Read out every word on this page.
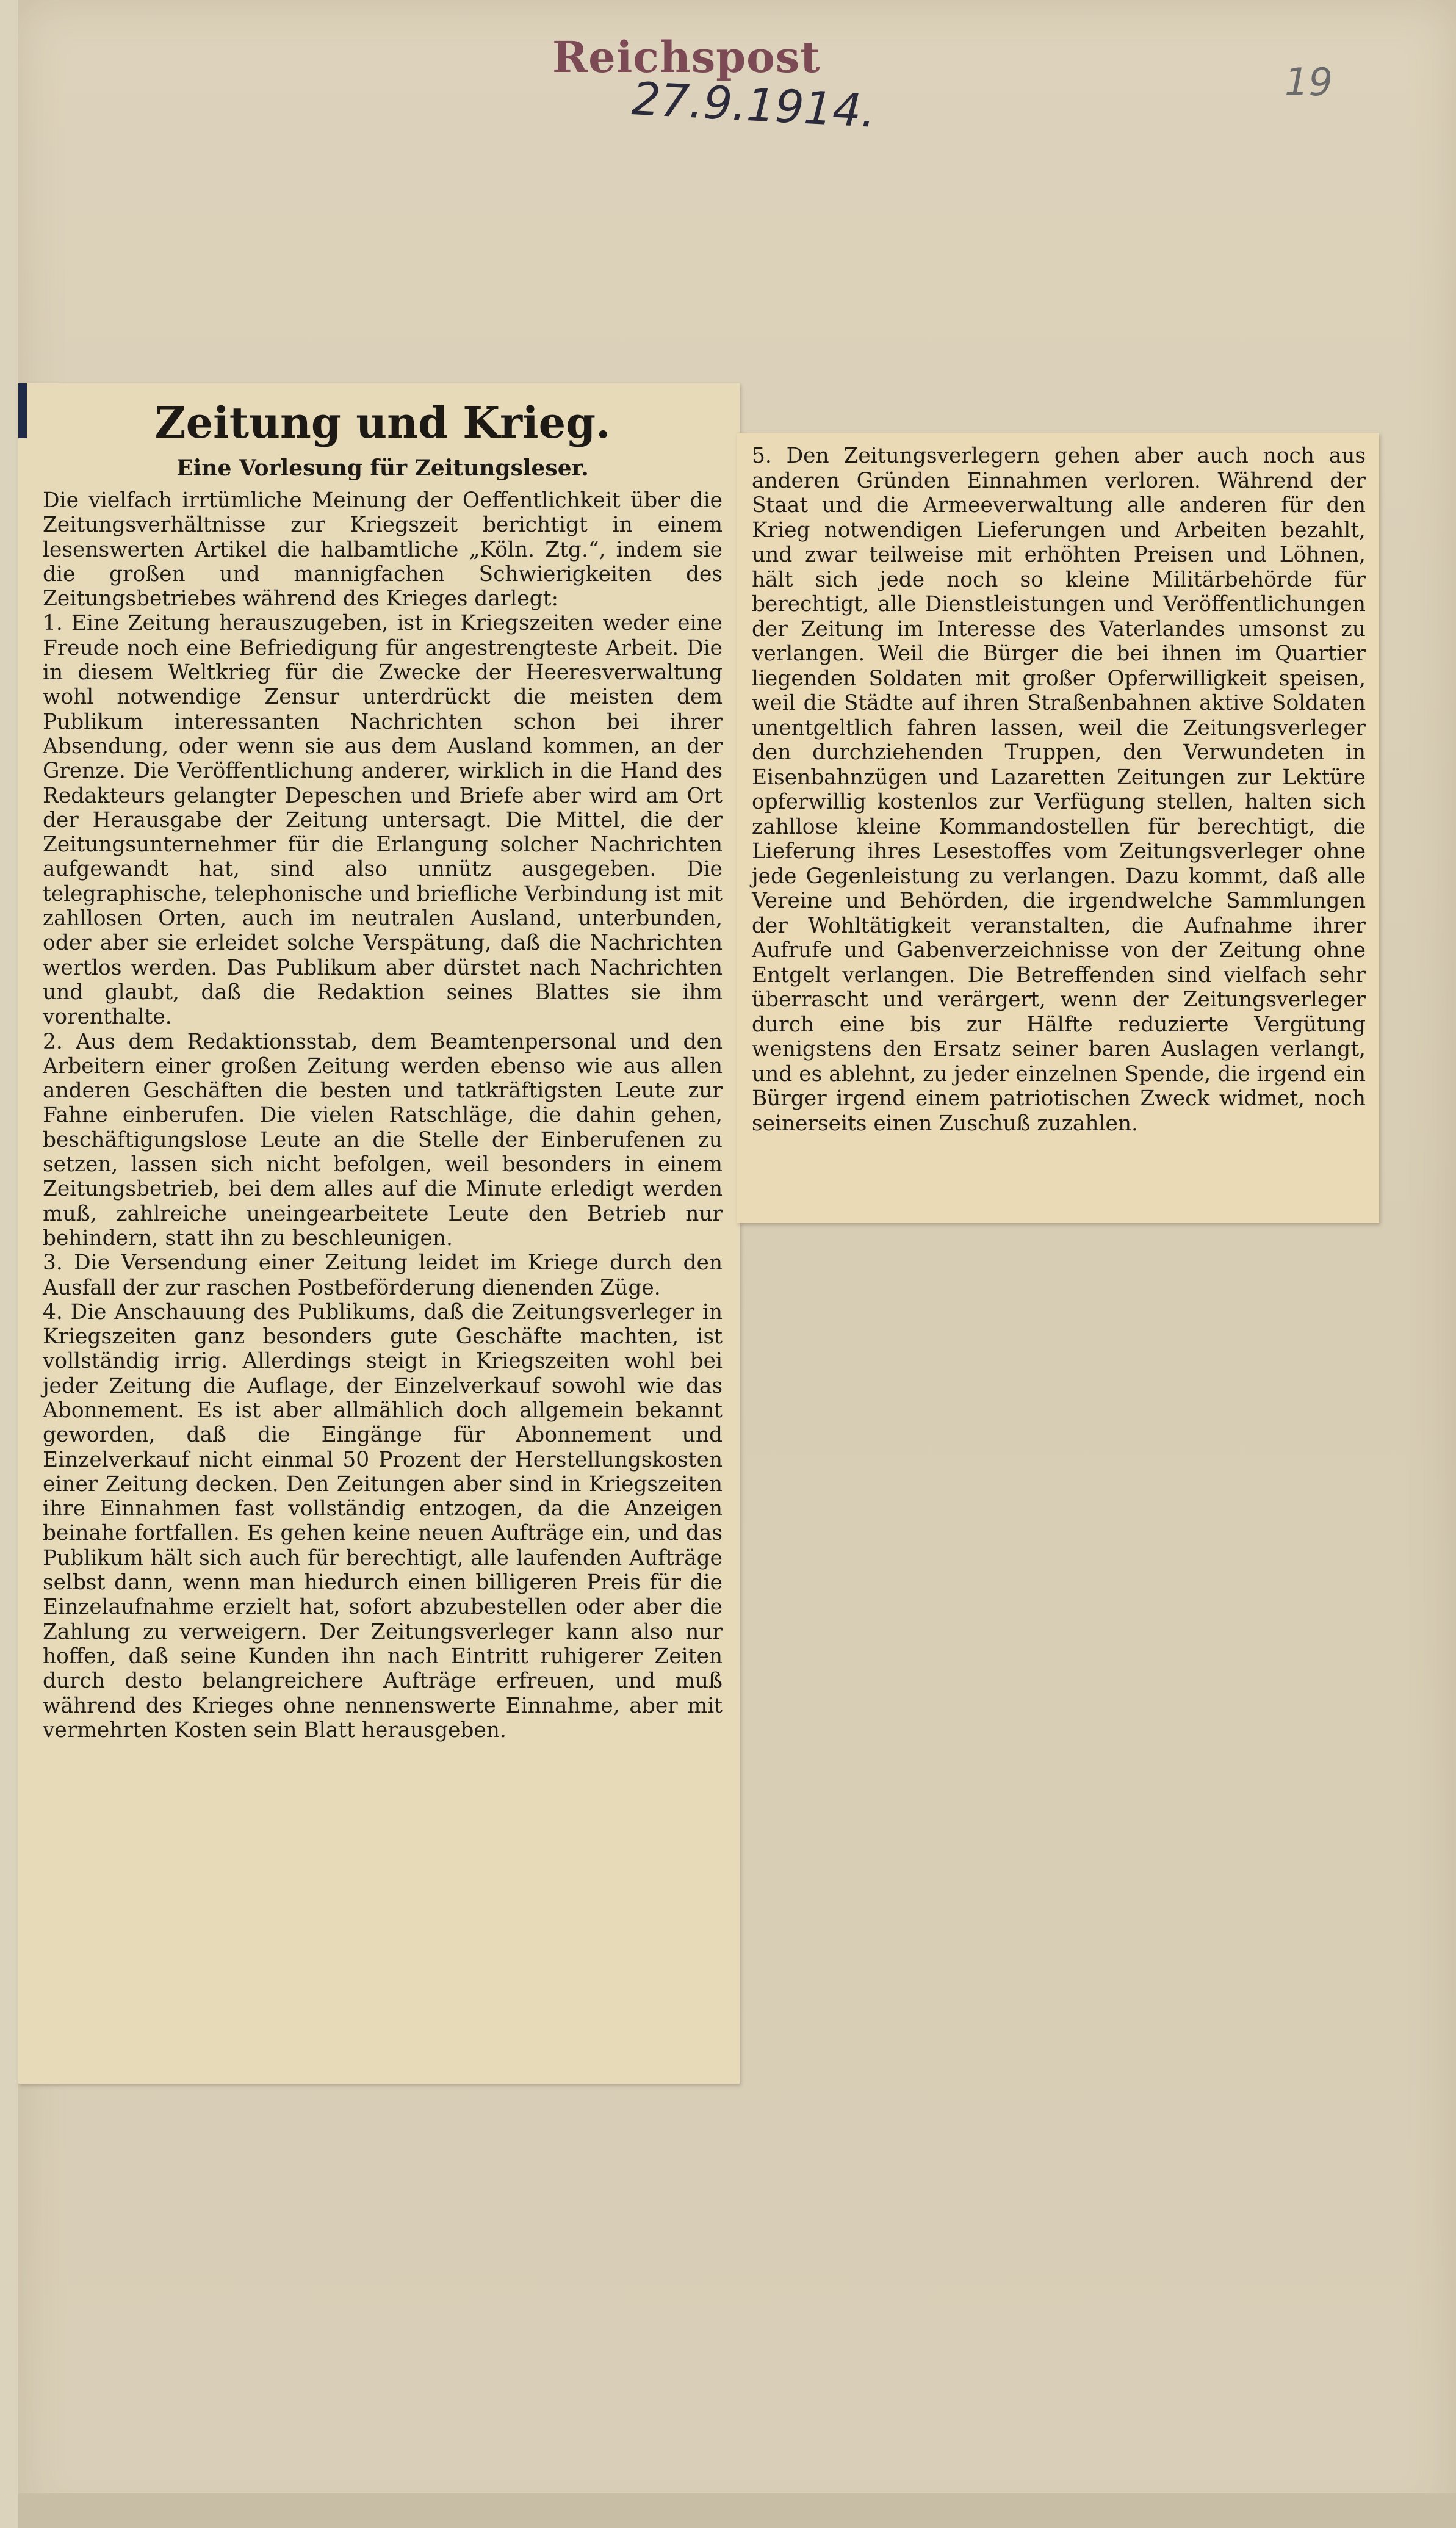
Reichspost
27.9.1914.	19
Zeitung und Krieg.
Eine Vorlesung für Zeitungsleser.

Die vielfach irrtümliche Meinung der Oeffentlichkeit über die Zeitungsverhältnisse zur Kriegszeit berichtigt in einem lesenswerten Artikel die halbamtliche „Köln. Ztg.“, indem sie die großen und mannigfachen Schwierigkeiten des Zeitungsbetriebes während des Krieges darlegt:

1. Eine Zeitung herauszugeben, ist in Kriegszeiten weder eine Freude noch eine Befriedigung für angestrengteste Arbeit. Die in diesem Weltkrieg für die Zwecke der Heeresverwaltung wohl notwendige Zensur unterdrückt die meisten dem Publikum interessanten Nachrichten schon bei ihrer Absendung, oder wenn sie aus dem Ausland kommen, an der Grenze. Die Veröffentlichung anderer, wirklich in die Hand des Redakteurs gelangter Depeschen und Briefe aber wird am Ort der Herausgabe der Zeitung untersagt. Die Mittel, die der Zeitungsunternehmer für die Erlangung solcher Nachrichten aufgewandt hat, sind also unnütz ausgegeben. Die telegraphische, telephonische und briefliche Verbindung ist mit zahllosen Orten, auch im neutralen Ausland, unterbunden, oder aber sie erleidet solche Verspätung, daß die Nachrichten wertlos werden. Das Publikum aber dürstet nach Nachrichten und glaubt, daß die Redaktion seines Blattes sie ihm vorenthalte.

2. Aus dem Redaktionsstab, dem Beamtenpersonal und den Arbeitern einer großen Zeitung werden ebenso wie aus allen anderen Geschäften die besten und tatkräftigsten Leute zur Fahne einberufen. Die vielen Ratschläge, die dahin gehen, beschäftigungslose Leute an die Stelle der Einberufenen zu setzen, lassen sich nicht befolgen, weil besonders in einem Zeitungsbetrieb, bei dem alles auf die Minute erledigt werden muß, zahlreiche uneingearbeitete Leute den Betrieb nur behindern, statt ihn zu beschleunigen.

3. Die Versendung einer Zeitung leidet im Kriege durch den Ausfall der zur raschen Postbeförderung dienenden Züge.

4. Die Anschauung des Publikums, daß die Zeitungsverleger in Kriegszeiten ganz besonders gute Geschäfte machten, ist vollständig irrig. Allerdings steigt in Kriegszeiten wohl bei jeder Zeitung die Auflage, der Einzelverkauf sowohl wie das Abonnement. Es ist aber allmählich doch allgemein bekannt geworden, daß die Eingänge für Abonnement und Einzelverkauf nicht einmal 50 Prozent der Herstellungskosten einer Zeitung decken. Den Zeitungen aber sind in Kriegszeiten ihre Einnahmen fast vollständig entzogen, da die Anzeigen beinahe fortfallen. Es gehen keine neuen Aufträge ein, und das Publikum hält sich auch für berechtigt, alle laufenden Aufträge selbst dann, wenn man hiedurch einen billigeren Preis für die Einzelaufnahme erzielt hat, sofort abzubestellen oder aber die Zahlung zu verweigern. Der Zeitungsverleger kann also nur hoffen, daß seine Kunden ihn nach Eintritt ruhigerer Zeiten durch desto belangreichere Aufträge erfreuen, und muß während des Krieges ohne nennenswerte Einnahme, aber mit vermehrten Kosten sein Blatt herausgeben.

5. Den Zeitungsverlegern gehen aber auch noch aus anderen Gründen Einnahmen verloren. Während der Staat und die Armeeverwaltung alle anderen für den Krieg notwendigen Lieferungen und Arbeiten bezahlt, und zwar teilweise mit erhöhten Preisen und Löhnen, hält sich jede noch so kleine Militärbehörde für berechtigt, alle Dienstleistungen und Veröffentlichungen der Zeitung im Interesse des Vaterlandes umsonst zu verlangen. Weil die Bürger die bei ihnen im Quartier liegenden Soldaten mit großer Opferwilligkeit speisen, weil die Städte auf ihren Straßenbahnen aktive Soldaten unentgeltlich fahren lassen, weil die Zeitungsverleger den durchziehenden Truppen, den Verwundeten in Eisenbahnzügen und Lazaretten Zeitungen zur Lektüre opferwillig kostenlos zur Verfügung stellen, halten sich zahllose kleine Kommandostellen für berechtigt, die Lieferung ihres Lesestoffes vom Zeitungsverleger ohne jede Gegenleistung zu verlangen. Dazu kommt, daß alle Vereine und Behörden, die irgendwelche Sammlungen der Wohltätigkeit veranstalten, die Aufnahme ihrer Aufrufe und Gabenverzeichnisse von der Zeitung ohne Entgelt verlangen. Die Betreffenden sind vielfach sehr überrascht und verärgert, wenn der Zeitungsverleger durch eine bis zur Hälfte reduzierte Vergütung wenigstens den Ersatz seiner baren Auslagen verlangt, und es ablehnt, zu jeder einzelnen Spende, die irgend ein Bürger irgend einem patriotischen Zweck widmet, noch seinerseits einen Zuschuß zuzahlen.
